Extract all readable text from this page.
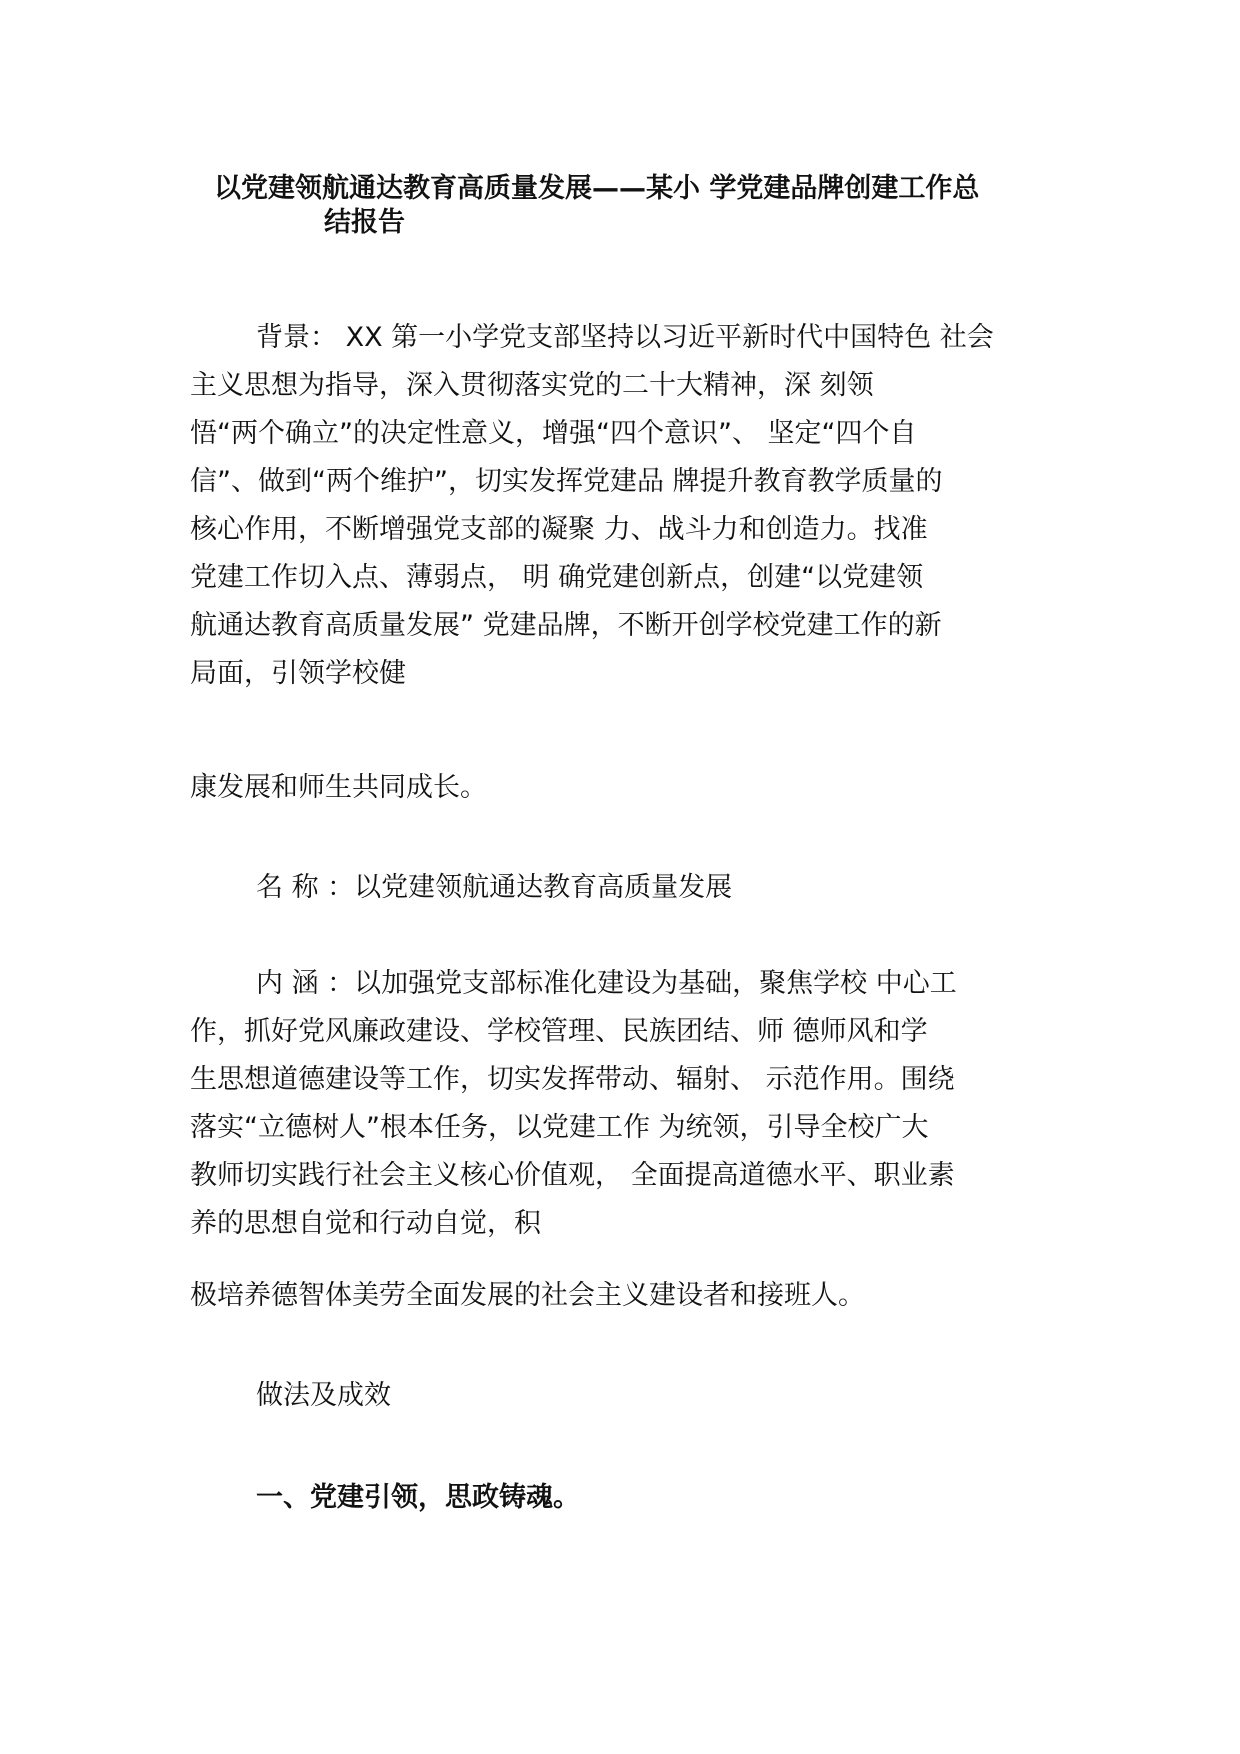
以党建领航通达教育高质量发展——某小 学党建品牌创建工作总
结报告
背景： XX 第一小学党支部坚持以习近平新时代中国特色 社会
主义思想为指导，深入贯彻落实党的二十大精神，深 刻领
悟“两个确立”的决定性意义，增强“四个意识”、 坚定“四个自
信”、做到“两个维护”，切实发挥党建品 牌提升教育教学质量的
核心作用，不断增强党支部的凝聚 力、战斗力和创造力。找准
党建工作切入点、薄弱点， 明 确党建创新点，创建“以党建领
航通达教育高质量发展” 党建品牌，不断开创学校党建工作的新
局面，引领学校健
康发展和师生共同成长。
名 称 ：以党建领航通达教育高质量发展
内 涵 ：以加强党支部标准化建设为基础，聚焦学校 中心工
作，抓好党风廉政建设、学校管理、民族团结、师 德师风和学
生思想道德建设等工作，切实发挥带动、辐射、 示范作用。围绕
落实“立德树人”根本任务，以党建工作 为统领，引导全校广大
教师切实践行社会主义核心价值观， 全面提高道德水平、职业素
养的思想自觉和行动自觉，积
极培养德智体美劳全面发展的社会主义建设者和接班人。
做法及成效
一、党建引领，思政铸魂。
